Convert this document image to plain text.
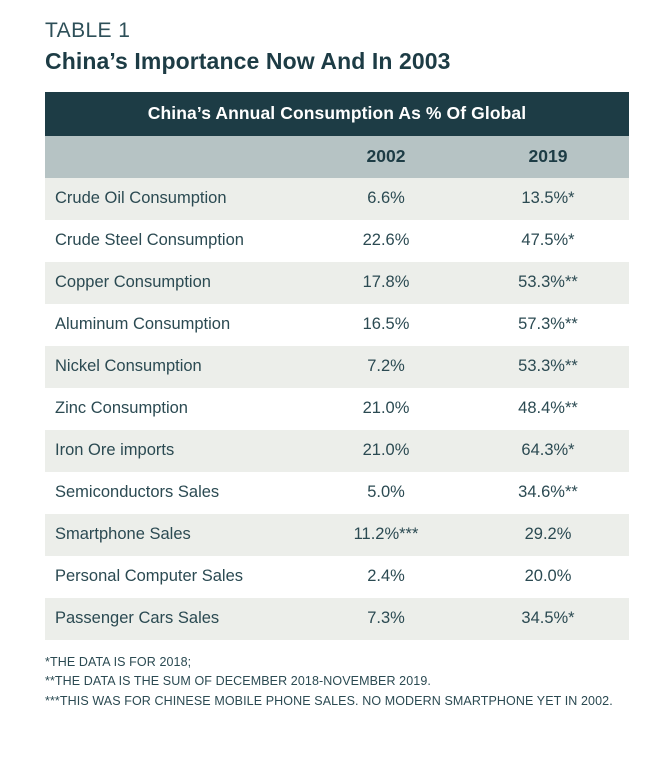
TABLE 1
China’s Importance Now And In 2003
China’s Annual Consumption As % Of Global		
	2002	2019
Crude Oil Consumption	6.6%	13.5%*
Crude Steel Consumption	22.6%	47.5%*
Copper Consumption	17.8%	53.3%**
Aluminum Consumption	16.5%	57.3%**
Nickel Consumption	7.2%	53.3%**
Zinc Consumption	21.0%	48.4%**
Iron Ore imports	21.0%	64.3%*
Semiconductors Sales	5.0%	34.6%**
Smartphone Sales	11.2%***	29.2%
Personal Computer Sales	2.4%	20.0%
Passenger Cars Sales	7.3%	34.5%*
*THE DATA IS FOR 2018;
**THE DATA IS THE SUM OF DECEMBER 2018-NOVEMBER 2019.
***THIS WAS FOR CHINESE MOBILE PHONE SALES. NO MODERN SMARTPHONE YET IN 2002.
